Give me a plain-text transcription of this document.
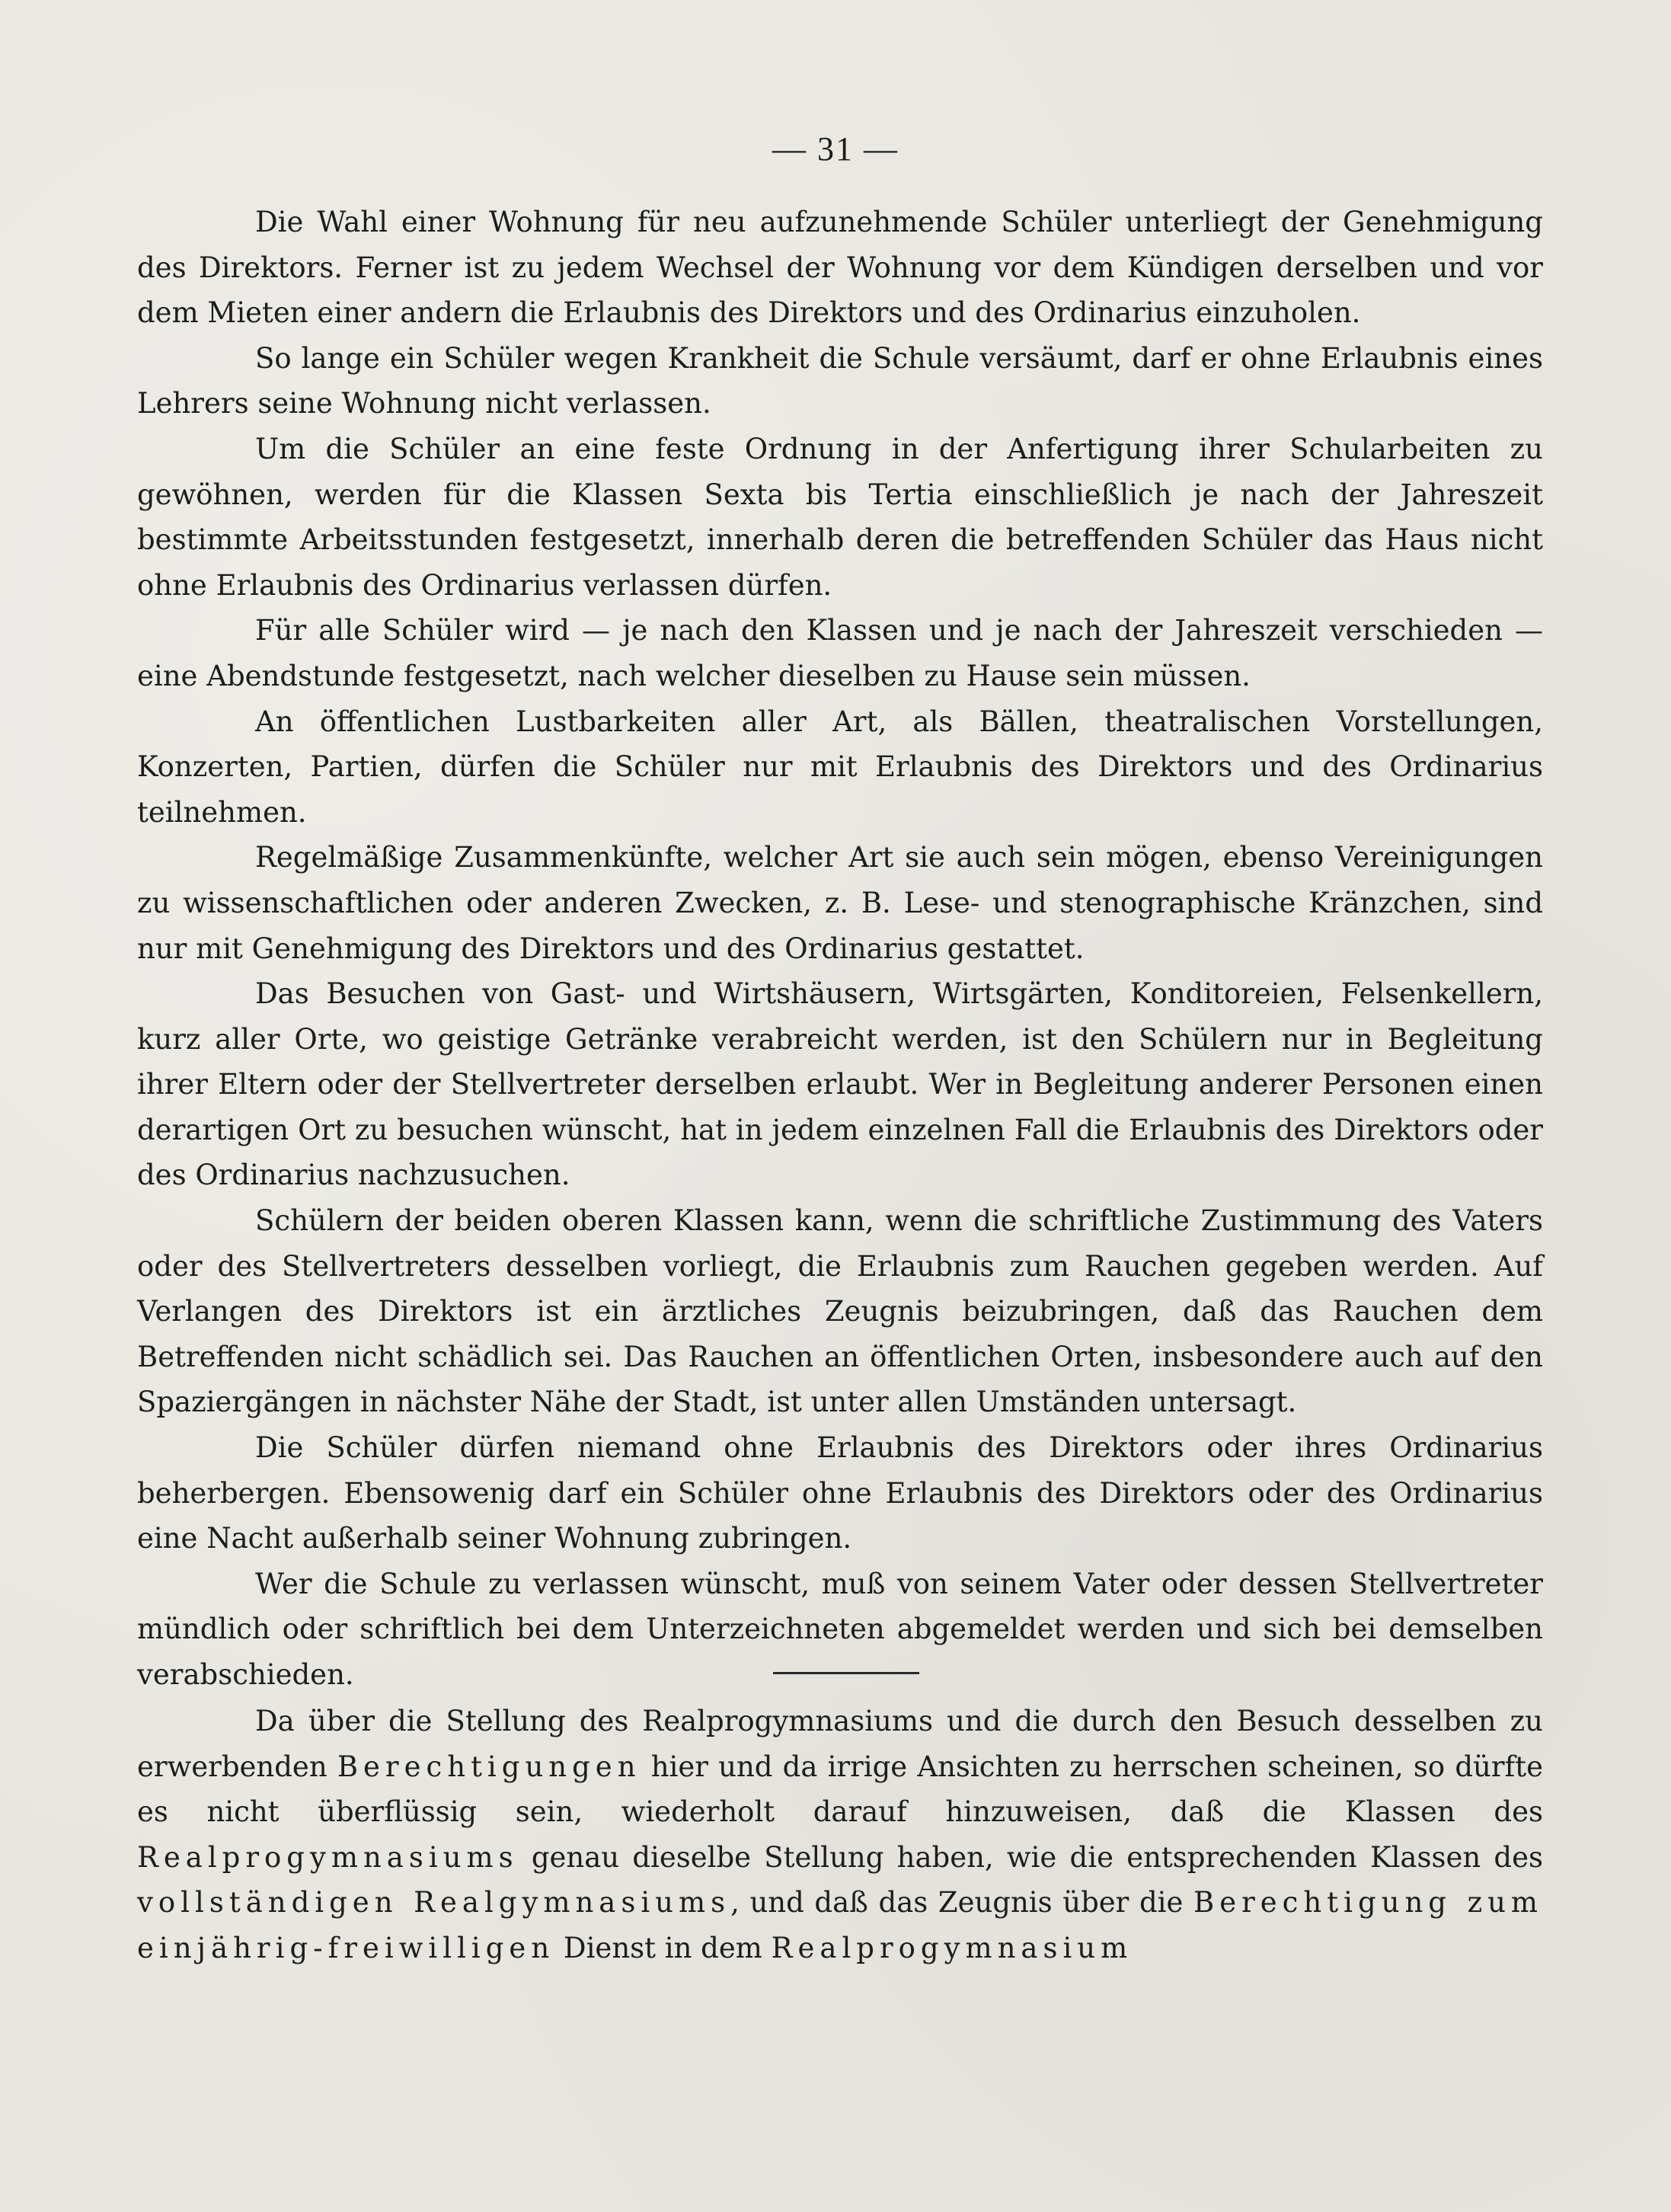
— 31 —

Die Wahl einer Wohnung für neu aufzunehmende Schüler unterliegt der Genehmigung des Direktors. Ferner ist zu jedem Wechsel der Wohnung vor dem Kündigen derselben und vor dem Mieten einer andern die Erlaubnis des Direktors und des Ordinarius einzuholen.

So lange ein Schüler wegen Krankheit die Schule versäumt, darf er ohne Erlaubnis eines Lehrers seine Wohnung nicht verlassen.

Um die Schüler an eine feste Ordnung in der Anfertigung ihrer Schularbeiten zu gewöhnen, werden für die Klassen Sexta bis Tertia einschließlich je nach der Jahreszeit bestimmte Arbeitsstunden festgesetzt, innerhalb deren die betreffenden Schüler das Haus nicht ohne Erlaubnis des Ordinarius verlassen dürfen.

Für alle Schüler wird — je nach den Klassen und je nach der Jahreszeit verschieden — eine Abendstunde festgesetzt, nach welcher dieselben zu Hause sein müssen.

An öffentlichen Lustbarkeiten aller Art, als Bällen, theatralischen Vorstellungen, Konzerten, Partien, dürfen die Schüler nur mit Erlaubnis des Direktors und des Ordinarius teilnehmen.

Regelmäßige Zusammenkünfte, welcher Art sie auch sein mögen, ebenso Vereinigungen zu wissenschaftlichen oder anderen Zwecken, z. B. Lese- und stenographische Kränzchen, sind nur mit Genehmigung des Direktors und des Ordinarius gestattet.

Das Besuchen von Gast- und Wirtshäusern, Wirtsgärten, Konditoreien, Felsenkellern, kurz aller Orte, wo geistige Getränke verabreicht werden, ist den Schülern nur in Begleitung ihrer Eltern oder der Stellvertreter derselben erlaubt. Wer in Begleitung anderer Personen einen derartigen Ort zu besuchen wünscht, hat in jedem einzelnen Fall die Erlaubnis des Direktors oder des Ordinarius nachzusuchen.

Schülern der beiden oberen Klassen kann, wenn die schriftliche Zustimmung des Vaters oder des Stellvertreters desselben vorliegt, die Erlaubnis zum Rauchen gegeben werden. Auf Verlangen des Direktors ist ein ärztliches Zeugnis beizubringen, daß das Rauchen dem Betreffenden nicht schädlich sei. Das Rauchen an öffentlichen Orten, insbesondere auch auf den Spaziergängen in nächster Nähe der Stadt, ist unter allen Umständen untersagt.

Die Schüler dürfen niemand ohne Erlaubnis des Direktors oder ihres Ordinarius beherbergen. Ebensowenig darf ein Schüler ohne Erlaubnis des Direktors oder des Ordinarius eine Nacht außerhalb seiner Wohnung zubringen.

Wer die Schule zu verlassen wünscht, muß von seinem Vater oder dessen Stellvertreter mündlich oder schriftlich bei dem Unterzeichneten abgemeldet werden und sich bei demselben verabschieden.

Da über die Stellung des Realprogymnasiums und die durch den Besuch desselben zu erwerbenden Berechtigungen hier und da irrige Ansichten zu herrschen scheinen, so dürfte es nicht überflüssig sein, wiederholt darauf hinzuweisen, daß die Klassen des Realprogymnasiums genau dieselbe Stellung haben, wie die entsprechenden Klassen des vollständigen Realgymnasiums, und daß das Zeugnis über die Berechtigung zum einjährig-freiwilligen Dienst in dem Realprogymnasium
